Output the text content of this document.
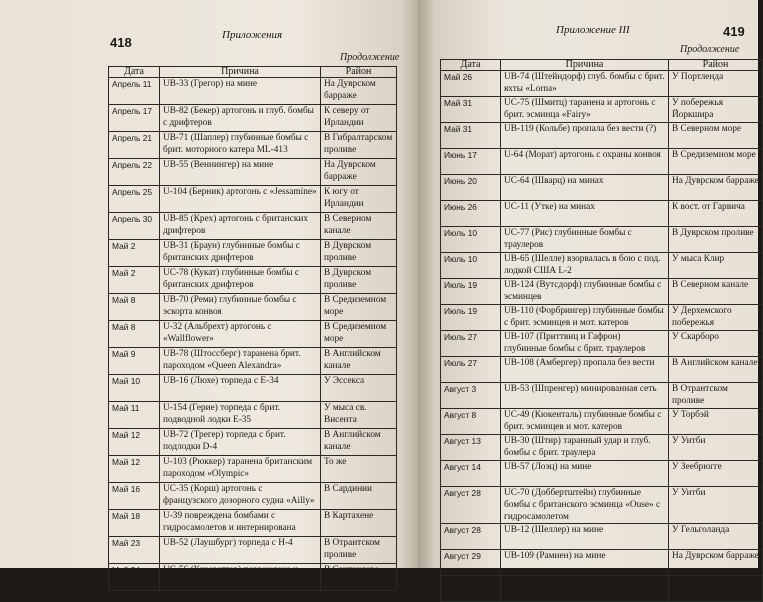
418	Приложения
Продолжение
Дата	Причина	Район
Апрель 11	UB-33 (Грегор) на мине	На Дуврском барраже
Апрель 17	UB-82 (Бекер) артогонь и глуб. бомбы с дрифтеров	К северу от Ирландии
Апрель 21	UB-71 (Шаплер) глубинные бомбы с брит. моторного катера ML-413	В Гибралтарском проливе
Апрель 22	UB-55 (Веннингер) на мине	На Дуврском барраже
Апрель 25	U-104 (Берник) артогонь с «Jessamine»	К югу от Ирландии
Апрель 30	UB-85 (Крех) артогонь с британских дрифтеров	В Северном канале
Май 2	UB-31 (Браун) глубинные бомбы с британских дрифтеров	В Дуврском проливе
Май 2	UC-78 (Кукат) глубинные бомбы с британских дрифтеров	В Дуврском проливе
Май 8	UB-70 (Реми) глубинные бомбы с эскорта конвоя	В Средиземном море
Май 8	U-32 (Альбрехт) артогонь с «Wallflower»	В Средиземном море
Май 9	UB-78 (Штоссберг) таранена брит. пароходом «Queen Alexandra»	В Английском канале
Май 10	UB-16 (Люхе) торпеда с E-34	У Эссекса
Май 11	U-154 (Герие) торпеда с брит. подводной лодки E-35	У мыса св. Висента
Май 12	UB-72 (Трегер) торпеда с брит. подлодки D-4	В Английском канале
Май 12	U-103 (Рюккер) таранена британским пароходом «Olympic»	То же
Май 16	UC-35 (Корш) артогонь с французского дозорного судна «Ailly»	В Сардинии
Май 18	U-39 повреждена бомбами с гидросамолетов и интернирована	В Картахене
Май 23	UB-52 (Лаушбург) торпеда с H-4	В Отрантском проливе
Май 24	UC-56 (Кизеветтер) повреждена и интернирована	В Сантандере
Приложение III	419
Продолжение
Дата	Причина	Район
Май 26	UB-74 (Штейндорф) глуб. бомбы с брит. яхты «Lorna»	У Портленда
Май 31	UC-75 (Шмитц) таранена и артогонь с брит. эсминца «Fairy»	У побережья Йоркшира
Май 31	UB-119 (Кольбе) пропала без вести (?)	В Северном море
Июнь 17	U-64 (Морат) артогонь с охраны конвоя	В Средиземном море
Июнь 20	UC-64 (Шварц) на минах	На Дуврском барраже
Июнь 26	UC-11 (Утке) на минах	К вост. от Гарвича
Июль 10	UC-77 (Рис) глубинные бомбы с траулеров	В Дуврском проливе
Июль 10	UB-65 (Шелле) взорвалась в бою с под. лодкой США L-2	У мыса Клир
Июль 19	UB-124 (Вутсдорф) глубинные бомбы с эсминцев	В Северном канале
Июль 19	UB-110 (Форбрингер) глубинные бомбы с брит. эсминцев и мот. катеров	У Дерхемского побережья
Июль 27	UB-107 (Приттвиц и Гафрон) глубинные бомбы с брит. траулеров	У Скарборо
Июль 27	UB-108 (Амбергер) пропала без вести	В Английском канале
Август 3	UB-53 (Шпренгер) минированная сеть	В Отрантском проливе
Август 8	UC-49 (Кюкенталь) глубинные бомбы с брит. эсминцев и мот. катеров	У Торбэй
Август 13	UB-30 (Штир) таранный удар и глуб. бомбы с брит. траулера	У Уитби
Август 14	UB-57 (Лоэц) на мине	У Зеебрюгге
Август 28	UC-70 (Доббертштейн) глубинные бомбы с британского эсминца «Ouse» с гидросамолетом	У Уитби
Август 28	UB-12 (Шеллер) на мине	У Гельголанда
Август 29	UB-109 (Рамиен) на мине	На Дуврском барраже
Сентябрь 9	U-92 (Эрлих) на мине	На Северном заграждении
